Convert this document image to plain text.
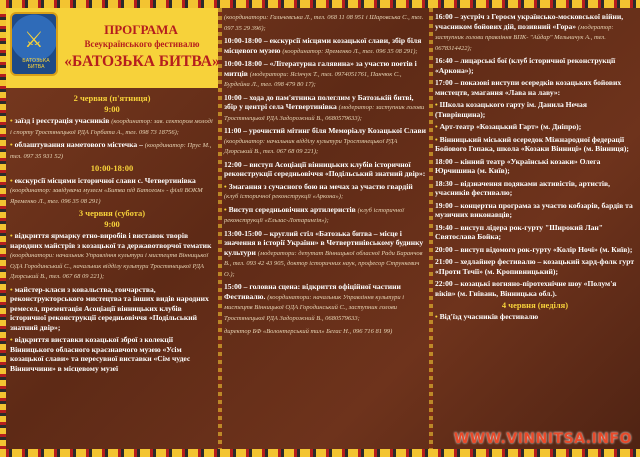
⚔
БАТОЗЬКА БИТВА
ПРОГРАМА
Всеукраїнського фестивалю
«БАТОЗЬКА БИТВА»
2 червня (п'ятниця)
9:00

• заїзд і реєстрація учасників (координатор: зав. сектором молоді і спорту Тростянецької РДА Горбата А., тел. 098 73 18756);

• облаштування наметового містечка – (координатор: Прус М., тел. 097 35 931 52)

10:00-18:00

• екскурсії місцями історичної слави с. Четвертинівка (координатор: завідувача музеєм «Битва під Батогом» - філії ВОКМ Яременко Л., тел. 096 35 08 291)

3 червня (субота)
9:00

• відкриття ярмарку етно-виробів і виставок творів народних майстрів з козацької та державотворчої тематик (координатори: начальник Управління культури і мистецтв Вінницької ОДА Городинський С., начальник відділу культури Тростянецької РДА Дзорський В., тел. 067 68 09 221);

• майстер-класи з ковальства, гончарства, реконструкторського мистецтва та інших видів народних ремесел, презентація Асоціації вінницьких клубів історичної реконструкції середньовіччя «Подільський знатний двір»;

• відкриття виставки козацької зброї з колекції Вінницького обласного краєзнавчого музею «Усім козацької слави» та пересувної виставки «Сім чудес Вінниччини» в місцевому музеї

(координатори: Гальчевська Л., тел. 068 11 08 951 і Шаровська С., тел. 097 35 29 396);

10:00-18:00 – екскурсії місцями козацької слави, збір біля місцевого музею (координатор: Яременко Л., тел. 096 35 08 291);

10:00-18:00 – «Літературна галявина» за участю поетів і митців (модератори: Ясінчук Т., тел. 0974051761, Панчюк С., Бурдейна Л., тел. 098 479 80 17);

10:00 – хода до пам'ятника полеглим у Батозькій битві, збір у центрі села Четвертинівка (модератор: заступник голови Тростянецької РДА Задорожний В., 0680579633);

11:00 – урочистий мітинг біля Меморіалу Козацької Слави (координатор: начальник відділу культури Тростянецької РДА Дзорський В., тел. 067 68 09 221);

12:00 – виступ Асоціації вінницьких клубів історичної реконструкції середньовіччя «Подільський знатний двір»:

• Змагання з сучасного бою на мечах за участю гвардій (клуб історичної реконструкції «Аркона»);

• Виступ середньовічних артилеристів (клуб історичної реконструкції «Ельзас-Лотарингія»);

13:00-15:00 – круглий стіл «Батозька битва – місце і значення в історії України» в Четвертинівському будинку культури (модератори: депутат Вінницької обласної Ради Баранчов В., тел. 093 42 43 905, доктор історичних наук, професор Стрункевич О.);

15:00 – головна сцена: відкриття офіційної частини Фестивалю. (координатори: начальник Управління культури і мистецтв Вінницької ОДА Городинський С., заступник голови Тростянецької РДА Задорожний В., 0680579633;

директор БФ «Волонтерський тил» Бегас Н., 096 716 81 99)

16:00 – зустріч з Героєм українсько-московської війни, учасником бойових дій, позивний «Гора» (модератор: заступник голови правління ВПК- "Айдар" Мельничук А., тел. 0678314422);

16:40 – лицарські бої (клуб історичної реконструкції «Аркона»);

17:00 – показові виступи осередків козацьких бойових мистецтв, змагання «Лава на лаву»:

• Школа козацького гарту ім. Данила Нечая (Тиврівщина);

• Арт-театр «Козацький Гарт» (м. Дніпро);

• Вінницький міський осередок Міжнародної федерації Бойового Гопака, школа «Козаки Вінниці» (м. Вінниця);

18:00 – кінний театр «Українські козаки» Олега Юрчишина (м. Київ);

18:30 – відзначення подяками активістів, артистів, учасників фестивалю;

19:00 – концертна програма за участю кобзарів, бардів та музичних виконавців;

19:40 – виступ лідера рок-гурту "Широкий Лан" Святослава Бойка;

20:00 – виступ відомого рок-гурту «Колір Ночі» (м. Київ);

21:00 – хедлайнер фестивалю – козацький хард-фолк гурт «Проти Течії» (м. Кропивницький);

22:00 – козацькі вогняно-піротехнічне шоу «Полум'я віків» (м. Гнівань, Вінницька обл.).

4 червня (неділя)

• Від'їзд учасників фестивалю

WWW.VINNITSA.INFO
